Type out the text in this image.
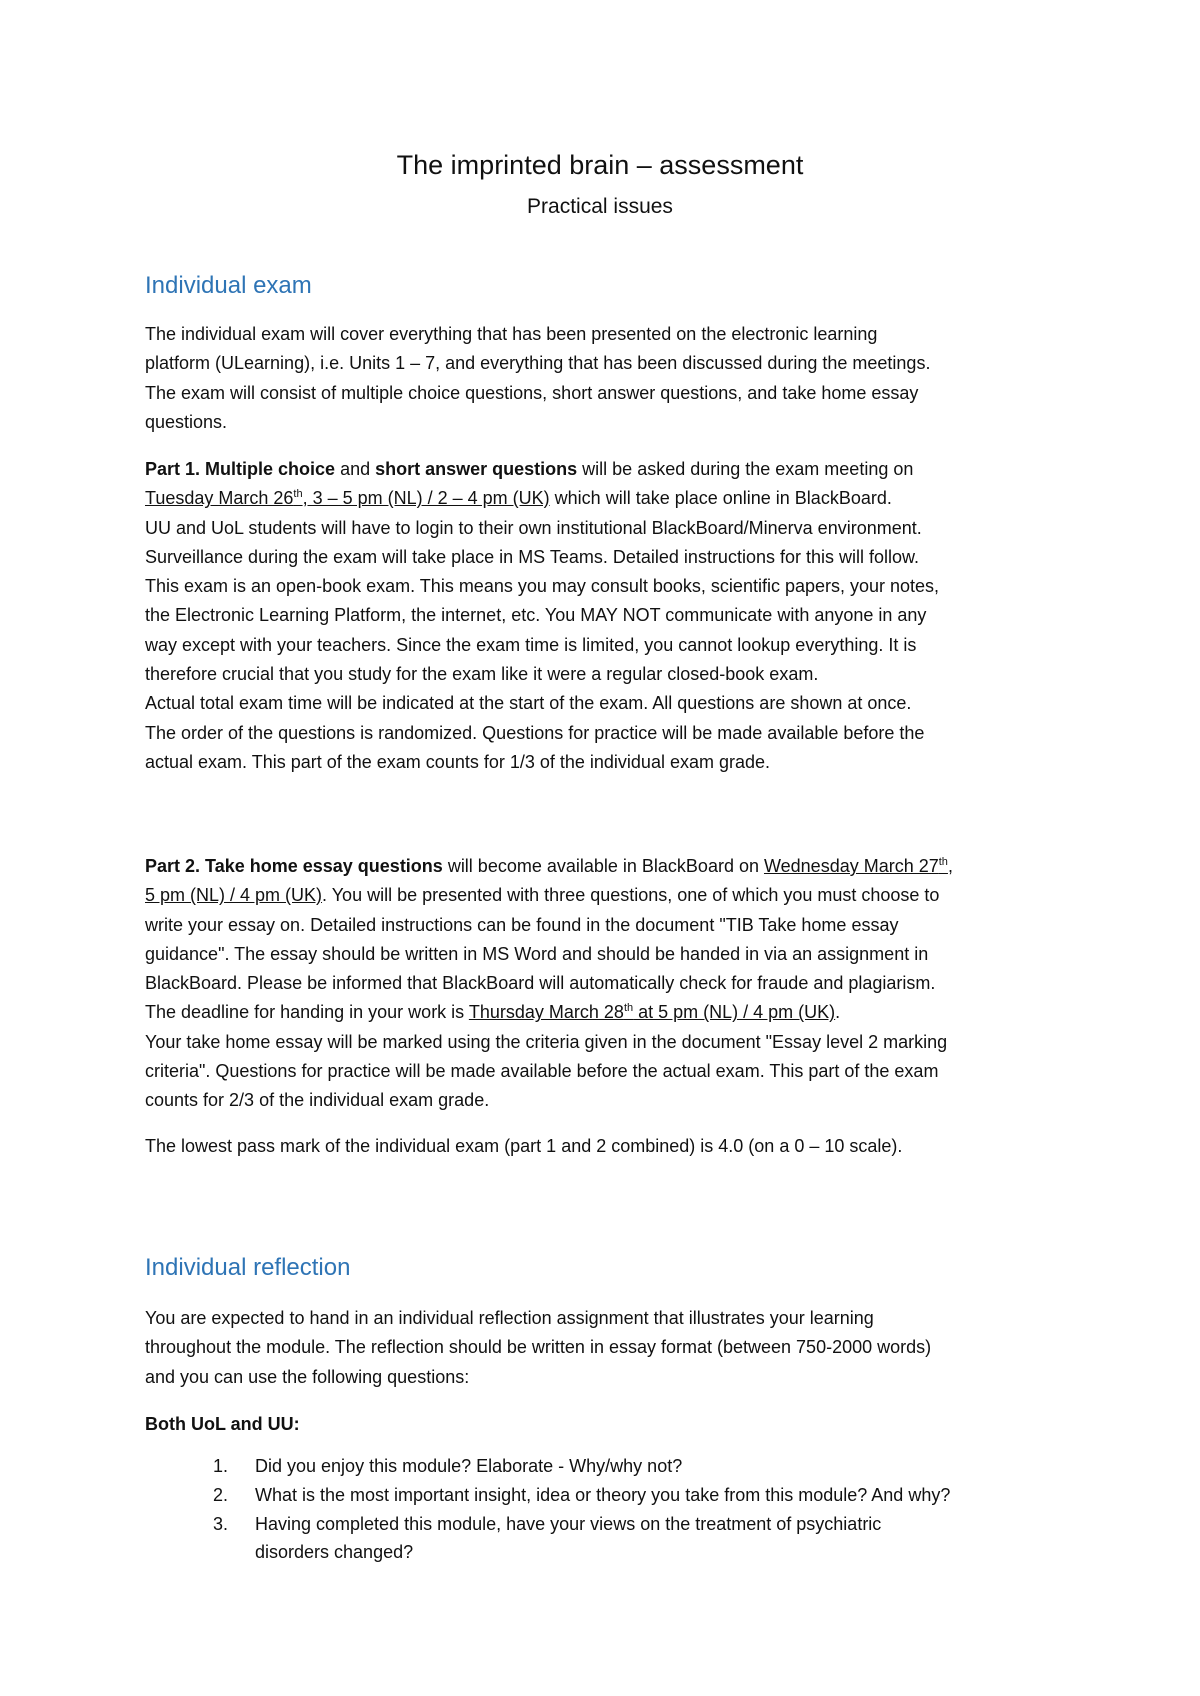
The imprinted brain – assessment
Practical issues
Individual exam
The individual exam will cover everything that has been presented on the electronic learning
platform (ULearning), i.e. Units 1 – 7, and everything that has been discussed during the meetings.
The exam will consist of multiple choice questions, short answer questions, and take home essay
questions.
Part 1. Multiple choice and short answer questions will be asked during the exam meeting on
Tuesday March 26th, 3 – 5 pm (NL) / 2 – 4 pm (UK) which will take place online in BlackBoard.
UU and UoL students will have to login to their own institutional BlackBoard/Minerva environment.
Surveillance during the exam will take place in MS Teams. Detailed instructions for this will follow.
This exam is an open-book exam. This means you may consult books, scientific papers, your notes,
the Electronic Learning Platform, the internet, etc. You MAY NOT communicate with anyone in any
way except with your teachers. Since the exam time is limited, you cannot lookup everything. It is
therefore crucial that you study for the exam like it were a regular closed-book exam.
Actual total exam time will be indicated at the start of the exam. All questions are shown at once.
The order of the questions is randomized. Questions for practice will be made available before the
actual exam. This part of the exam counts for 1/3 of the individual exam grade.
Part 2. Take home essay questions will become available in BlackBoard on Wednesday March 27th,
5 pm (NL) / 4 pm (UK). You will be presented with three questions, one of which you must choose to
write your essay on. Detailed instructions can be found in the document "TIB Take home essay
guidance". The essay should be written in MS Word and should be handed in via an assignment in
BlackBoard. Please be informed that BlackBoard will automatically check for fraude and plagiarism.
The deadline for handing in your work is Thursday March 28th at 5 pm (NL) / 4 pm (UK).
Your take home essay will be marked using the criteria given in the document "Essay level 2 marking
criteria". Questions for practice will be made available before the actual exam. This part of the exam
counts for 2/3 of the individual exam grade.
The lowest pass mark of the individual exam (part 1 and 2 combined) is 4.0 (on a 0 – 10 scale).
Individual reflection
You are expected to hand in an individual reflection assignment that illustrates your learning
throughout the module. The reflection should be written in essay format (between 750-2000 words)
and you can use the following questions:
Both UoL and UU:
1. Did you enjoy this module? Elaborate - Why/why not?
2. What is the most important insight, idea or theory you take from this module? And why?
3. Having completed this module, have your views on the treatment of psychiatric disorders changed?
